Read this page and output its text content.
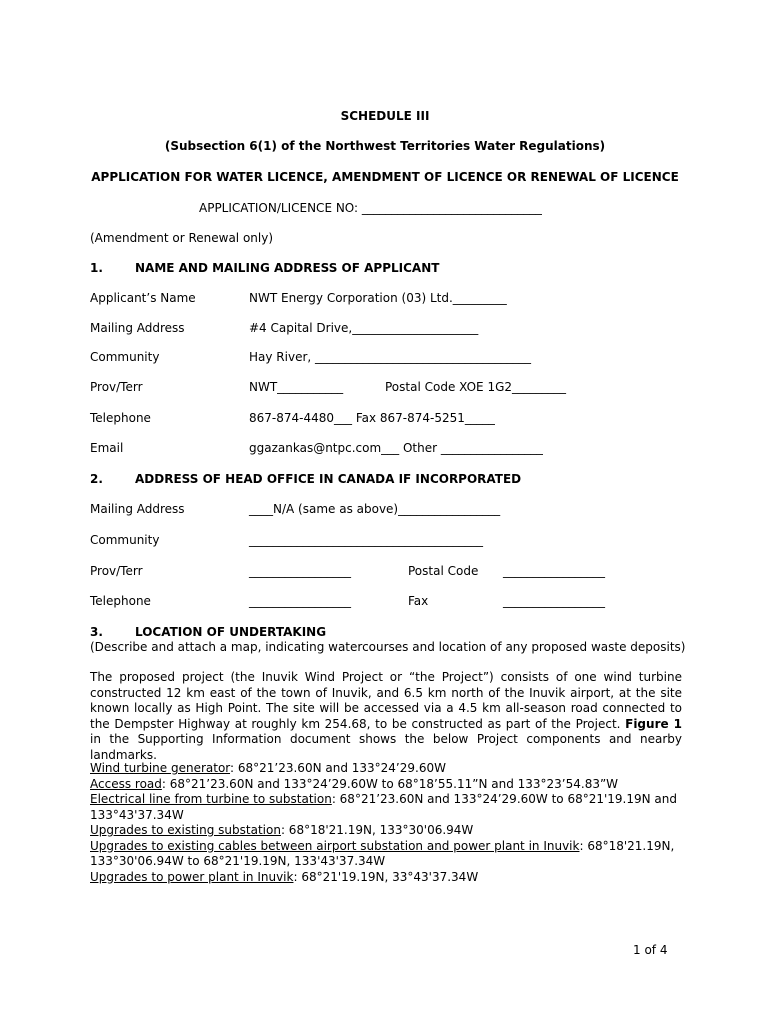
SCHEDULE III
(Subsection 6(1) of the Northwest Territories Water Regulations)
APPLICATION FOR WATER LICENCE, AMENDMENT OF LICENCE OR RENEWAL OF LICENCE
APPLICATION/LICENCE NO: ______________________________
(Amendment or Renewal only)
1.	NAME AND MAILING ADDRESS OF APPLICANT
Applicant’s Name	NWT Energy Corporation (03) Ltd._________
Mailing Address	#4 Capital Drive,_____________________
Community	Hay River, ____________________________________
Prov/Terr	NWT___________	Postal Code XOE 1G2_________
Telephone	867-874-4480___ Fax 867-874-5251_____
Email	ggazankas@ntpc.com___ Other _________________
2.	ADDRESS OF HEAD OFFICE IN CANADA IF INCORPORATED
Mailing Address	____N/A (same as above)_________________
Community	_______________________________________
Prov/Terr	_________________	Postal Code _________________
Telephone	_________________	Fax	_________________
3.	LOCATION OF UNDERTAKING
(Describe and attach a map, indicating watercourses and location of any proposed waste deposits)
The proposed project (the Inuvik Wind Project or “the Project”) consists of one wind turbine constructed 12 km east of the town of Inuvik, and 6.5 km north of the Inuvik airport, at the site known locally as High Point. The site will be accessed via a 4.5 km all-season road connected to the Dempster Highway at roughly km 254.68, to be constructed as part of the Project. Figure 1 in the Supporting Information document shows the below Project components and nearby landmarks.
Wind turbine generator: 68°21’23.60N and 133°24’29.60W
Access road: 68°21’23.60N and 133°24’29.60W to 68°18’55.11”N and 133°23’54.83”W
Electrical line from turbine to substation: 68°21’23.60N and 133°24’29.60W to 68°21'19.19N and 133°43'37.34W
Upgrades to existing substation: 68°18'21.19N, 133°30'06.94W
Upgrades to existing cables between airport substation and power plant in Inuvik: 68°18'21.19N, 133°30'06.94W to 68°21'19.19N, 133'43'37.34W
Upgrades to power plant in Inuvik: 68°21'19.19N, 33°43'37.34W
1 of 4
